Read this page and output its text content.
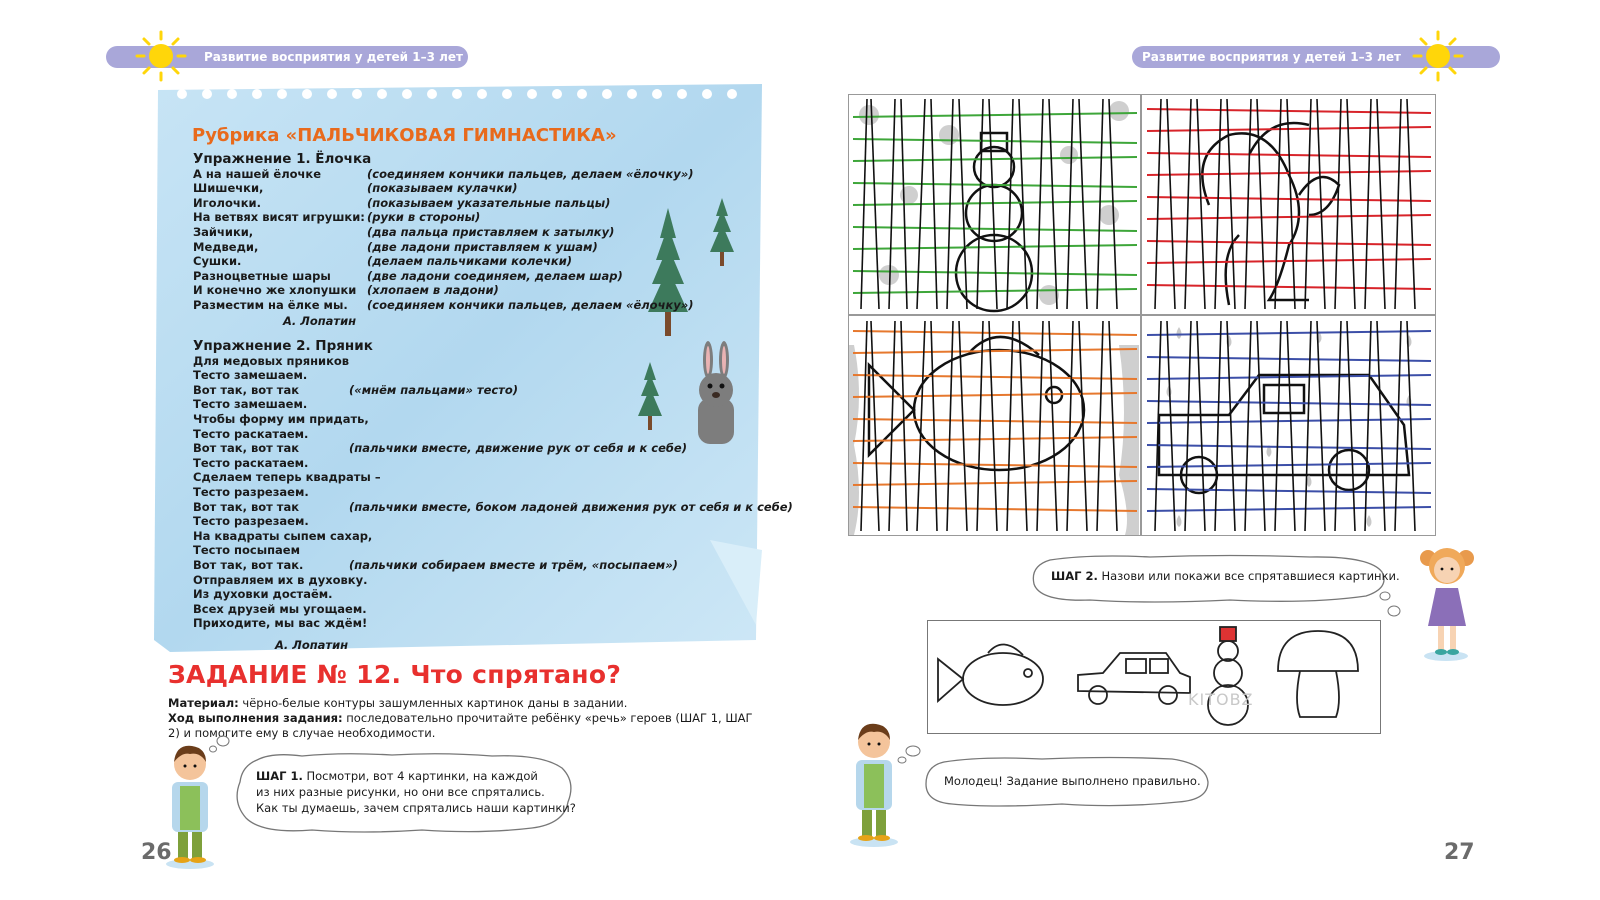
Развитие восприятия у детей 1–3 лет	Развитие восприятия у детей 1–3 лет
Рубрика «ПАЛЬЧИКОВАЯ ГИМНАСТИКА»
Упражнение 1. Ёлочка
А на нашей ёлочке	(соединяем кончики пальцев, делаем «ёлочку»)
Шишечки,	(показываем кулачки)
Иголочки.	(показываем указательные пальцы)
На ветвях висят игрушки: (руки в стороны)
Зайчики,	(два пальца приставляем к затылку)
Медведи,	(две ладони приставляем к ушам)
Сушки.	(делаем пальчиками колечки)
Разноцветные шары	(две ладони соединяем, делаем шар)
И конечно же хлопушки (хлопаем в ладони)
Разместим на ёлке мы.	(соединяем кончики пальцев, делаем «ёлочку»)
А. Лопатин
Упражнение 2. Пряник
Для медовых пряников
Тесто замешаем.
Вот так, вот так	(«мнём пальцами» тесто)
Тесто замешаем.
Чтобы форму им придать,
Тесто раскатаем.
Вот так, вот так	(пальчики вместе, движение рук от себя и к себе)
Тесто раскатаем.
Сделаем теперь квадраты –
Тесто разрезаем.
Вот так, вот так	(пальчики вместе, боком ладоней движения рук от себя и к себе)
Тесто разрезаем.
На квадраты сыпем сахар,
Тесто посыпаем
Вот так, вот так.	(пальчики собираем вместе и трём, «посыпаем»)
Отправляем их в духовку.
Из духовки достаём.
Всех друзей мы угощаем.
Приходите, мы вас ждём!
А. Лопатин
ЗАДАНИЕ № 12. Что спрятано?
Материал: чёрно-белые контуры зашумленных картинок даны в задании.
Ход выполнения задания: последовательно прочитайте ребёнку «речь» героев (ШАГ 1, ШАГ 2) и помогите ему в случае необходимости.
ШАГ 1. Посмотри, вот 4 картинки, на каждой
из них разные рисунки, но они все спрятались.
Как ты думаешь, зачем спрятались наши картинки?
26
ШАГ 2. Назови или покажи все спрятавшиеся картинки.
KITOBZ
Молодец! Задание выполнено правильно.
27
